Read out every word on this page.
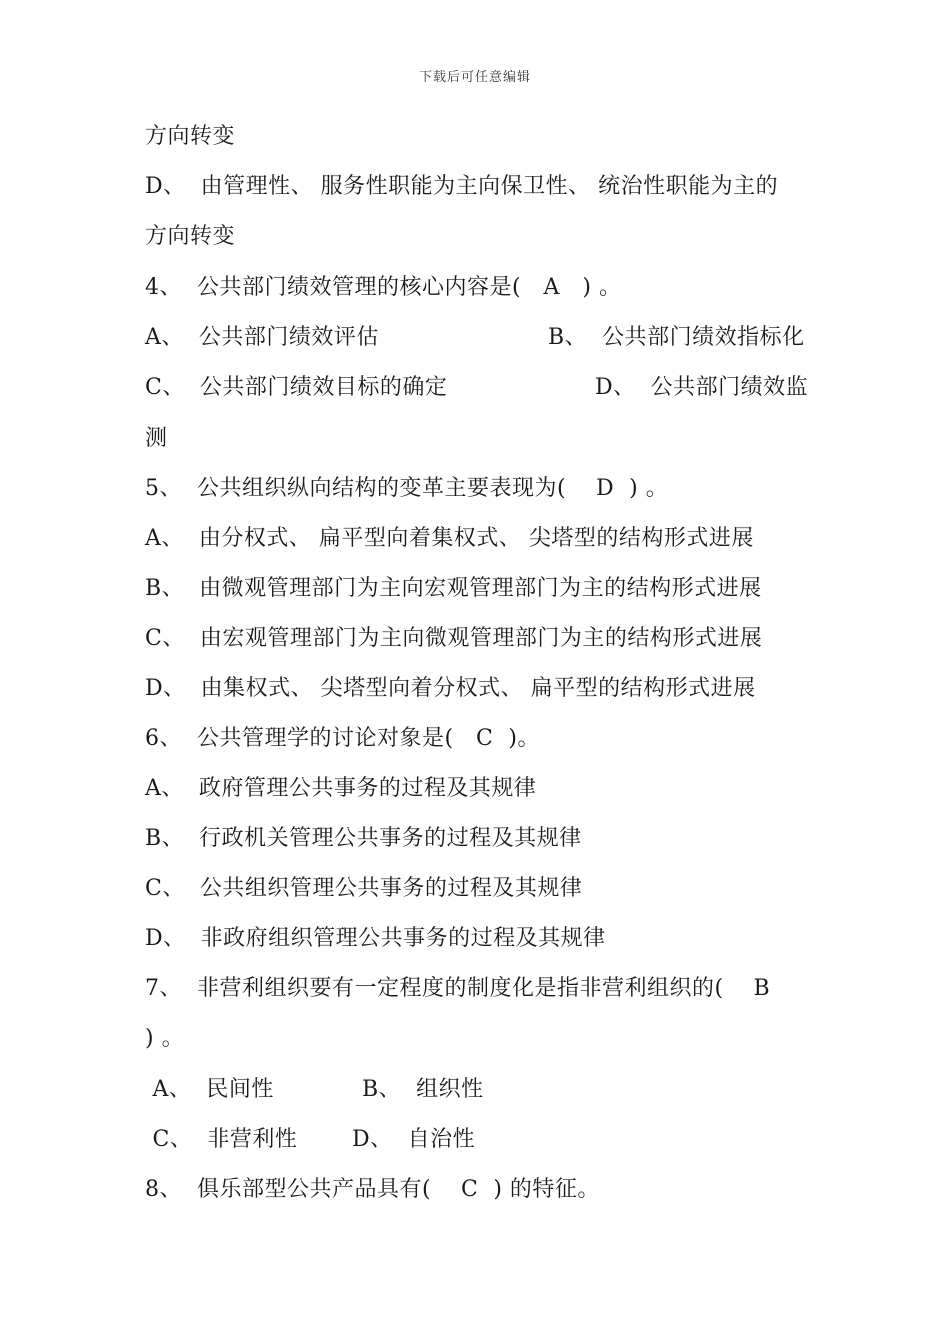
下载后可任意编辑
方向转变
D、  由管理性、 服务性职能为主向保卫性、 统治性职能为主的
方向转变
4、  公共部门绩效管理的核心内容是(   A   ) 。
A、  公共部门绩效评估	B、  公共部门绩效指标化
C、  公共部门绩效目标的确定	D、  公共部门绩效监
测
5、  公共组织纵向结构的变革主要表现为(    D  ) 。
A、  由分权式、 扁平型向着集权式、 尖塔型的结构形式进展
B、  由微观管理部门为主向宏观管理部门为主的结构形式进展
C、  由宏观管理部门为主向微观管理部门为主的结构形式进展
D、  由集权式、 尖塔型向着分权式、 扁平型的结构形式进展
6、  公共管理学的讨论对象是(   C  )。
A、  政府管理公共事务的过程及其规律
B、  行政机关管理公共事务的过程及其规律
C、  公共组织管理公共事务的过程及其规律
D、  非政府组织管理公共事务的过程及其规律
7、  非营利组织要有一定程度的制度化是指非营利组织的(    B
) 。
A、  民间性	B、  组织性
C、  非营利性 D、  自治性
8、  俱乐部型公共产品具有(    C  ) 的特征。
